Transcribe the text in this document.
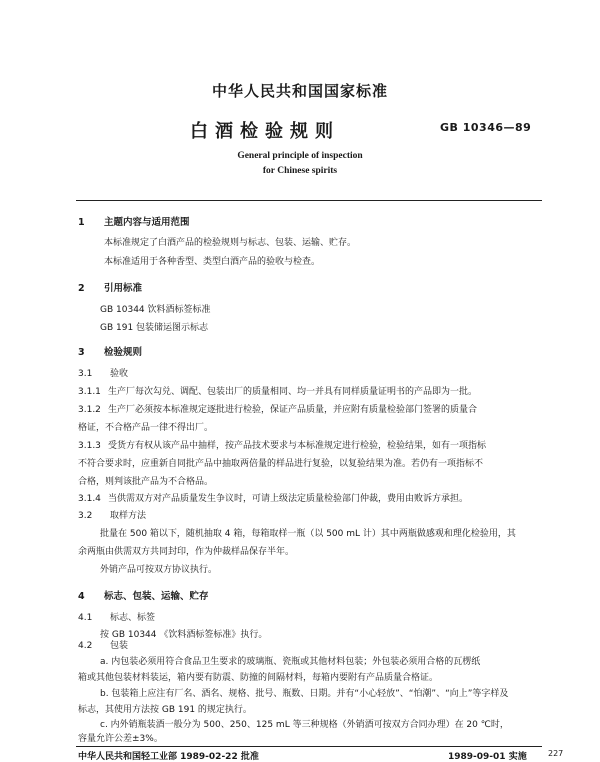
中华人民共和国国家标准
白酒检验规则	GB 10346—89
General principle of inspection
for Chinese spirits
1 主题内容与适用范围
本标准规定了白酒产品的检验规则与标志、包装、运输、贮存。
本标准适用于各种香型、类型白酒产品的验收与检查。
2 引用标准
GB 10344 饮料酒标签标准
GB 191 包装储运图示标志
3 检验规则
3.1 验收
3.1.1 生产厂每次勾兑、调配、包装出厂的质量相同、均一并具有同样质量证明书的产品即为一批。
3.1.2 生产厂必须按本标准规定逐批进行检验，保证产品质量，并应附有质量检验部门签署的质量合
格证，不合格产品一律不得出厂。
3.1.3 受货方有权从该产品中抽样，按产品技术要求与本标准规定进行检验，检验结果，如有一项指标
不符合要求时，应重新自同批产品中抽取两倍量的样品进行复验，以复验结果为准。若仍有一项指标不
合格，则判该批产品为不合格品。
3.1.4 当供需双方对产品质量发生争议时，可请上级法定质量检验部门仲裁，费用由败诉方承担。
3.2 取样方法
批量在 500 箱以下，随机抽取 4 箱，每箱取样一瓶（以 500 mL 计）其中两瓶做感观和理化检验用，其
余两瓶由供需双方共同封印，作为仲裁样品保存半年。
外销产品可按双方协议执行。
4 标志、包装、运输、贮存
4.1 标志、标签
按 GB 10344 《饮料酒标签标准》执行。
4.2 包装
a. 内包装必须用符合食品卫生要求的玻璃瓶、瓷瓶或其他材料包装；外包装必须用合格的瓦楞纸
箱或其他包装材料装运，箱内要有防震、防撞的间隔材料，每箱内要附有产品质量合格证。
b. 包装箱上应注有厂名、酒名、规格、批号、瓶数、日期。并有“小心轻放”、“怕潮”、“向上”等字样及
标志，其使用方法按 GB 191 的规定执行。
c. 内外销瓶装酒一般分为 500、250、125 mL 等三种规格（外销酒可按双方合同办理）在 20 ℃时，
容量允许公差±3%。
中华人民共和国轻工业部 1989-02-22 批准	1989-09-01 实施	227
